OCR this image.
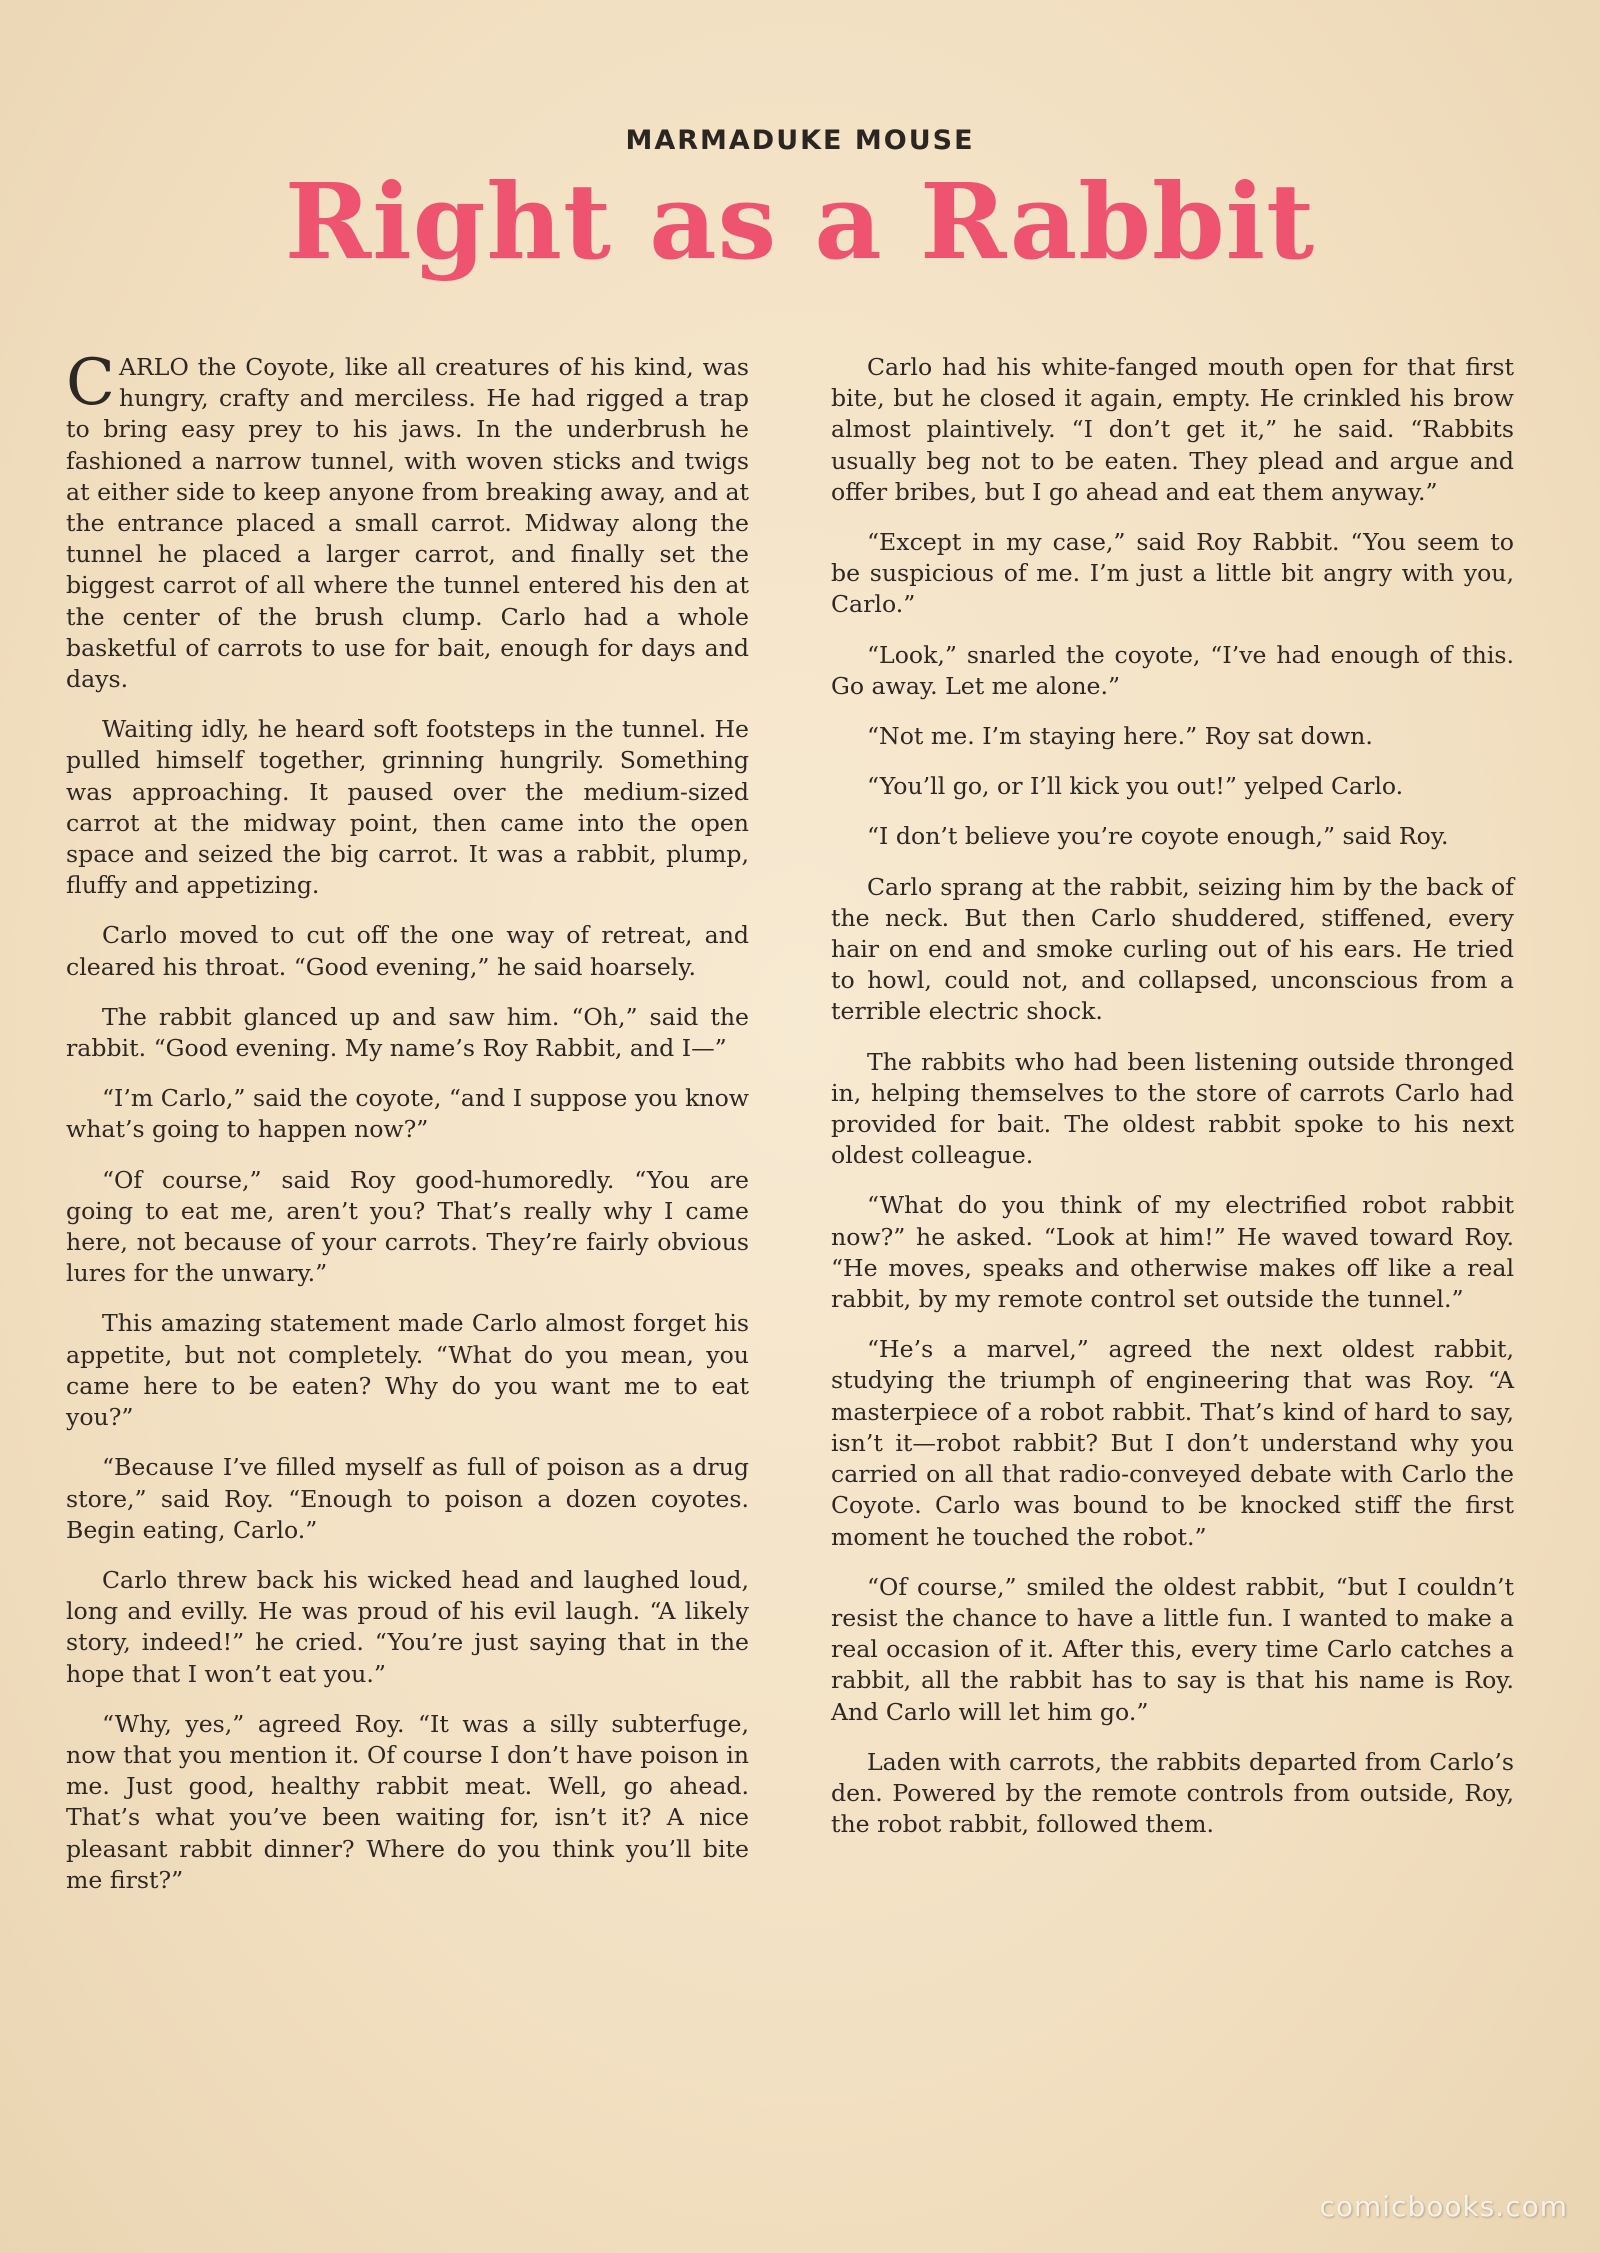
MARMADUKE MOUSE
Right as a Rabbit

CARLO the Coyote, like all creatures of his kind, was hungry, crafty and merciless. He had rigged a trap to bring easy prey to his jaws. In the underbrush he fashioned a narrow tunnel, with woven sticks and twigs at either side to keep anyone from breaking away, and at the entrance placed a small carrot. Midway along the tunnel he placed a larger carrot, and finally set the biggest carrot of all where the tunnel entered his den at the center of the brush clump. Carlo had a whole basketful of carrots to use for bait, enough for days and days.

Waiting idly, he heard soft footsteps in the tunnel. He pulled himself together, grinning hungrily. Something was approaching. It paused over the medium-sized carrot at the midway point, then came into the open space and seized the big carrot. It was a rabbit, plump, fluffy and appetizing.

Carlo moved to cut off the one way of retreat, and cleared his throat. “Good evening,” he said hoarsely.

The rabbit glanced up and saw him. “Oh,” said the rabbit. “Good evening. My name’s Roy Rabbit, and I—”

“I’m Carlo,” said the coyote, “and I suppose you know what’s going to happen now?”

“Of course,” said Roy good-humoredly. “You are going to eat me, aren’t you? That’s really why I came here, not because of your carrots. They’re fairly obvious lures for the unwary.”

This amazing statement made Carlo almost forget his appetite, but not completely. “What do you mean, you came here to be eaten? Why do you want me to eat you?”

“Because I’ve filled myself as full of poison as a drug store,” said Roy. “Enough to poison a dozen coyotes. Begin eating, Carlo.”

Carlo threw back his wicked head and laughed loud, long and evilly. He was proud of his evil laugh. “A likely story, indeed!” he cried. “You’re just saying that in the hope that I won’t eat you.”

“Why, yes,” agreed Roy. “It was a silly subterfuge, now that you mention it. Of course I don’t have poison in me. Just good, healthy rabbit meat. Well, go ahead. That’s what you’ve been waiting for, isn’t it? A nice pleasant rabbit dinner? Where do you think you’ll bite me first?”

Carlo had his white-fanged mouth open for that first bite, but he closed it again, empty. He crinkled his brow almost plaintively. “I don’t get it,” he said. “Rabbits usually beg not to be eaten. They plead and argue and offer bribes, but I go ahead and eat them anyway.”

“Except in my case,” said Roy Rabbit. “You seem to be suspicious of me. I’m just a little bit angry with you, Carlo.”

“Look,” snarled the coyote, “I’ve had enough of this. Go away. Let me alone.”

“Not me. I’m staying here.” Roy sat down.

“You’ll go, or I’ll kick you out!” yelped Carlo.

“I don’t believe you’re coyote enough,” said Roy.

Carlo sprang at the rabbit, seizing him by the back of the neck. But then Carlo shuddered, stiffened, every hair on end and smoke curling out of his ears. He tried to howl, could not, and collapsed, unconscious from a terrible electric shock.

The rabbits who had been listening outside thronged in, helping themselves to the store of carrots Carlo had provided for bait. The oldest rabbit spoke to his next oldest colleague.

“What do you think of my electrified robot rabbit now?” he asked. “Look at him!” He waved toward Roy. “He moves, speaks and otherwise makes off like a real rabbit, by my remote control set outside the tunnel.”

“He’s a marvel,” agreed the next oldest rabbit, studying the triumph of engineering that was Roy. “A masterpiece of a robot rabbit. That’s kind of hard to say, isn’t it—robot rabbit? But I don’t understand why you carried on all that radio-conveyed debate with Carlo the Coyote. Carlo was bound to be knocked stiff the first moment he touched the robot.”

“Of course,” smiled the oldest rabbit, “but I couldn’t resist the chance to have a little fun. I wanted to make a real occasion of it. After this, every time Carlo catches a rabbit, all the rabbit has to say is that his name is Roy. And Carlo will let him go.”

Laden with carrots, the rabbits departed from Carlo’s den. Powered by the remote controls from outside, Roy, the robot rabbit, followed them.

comicbooks.com
